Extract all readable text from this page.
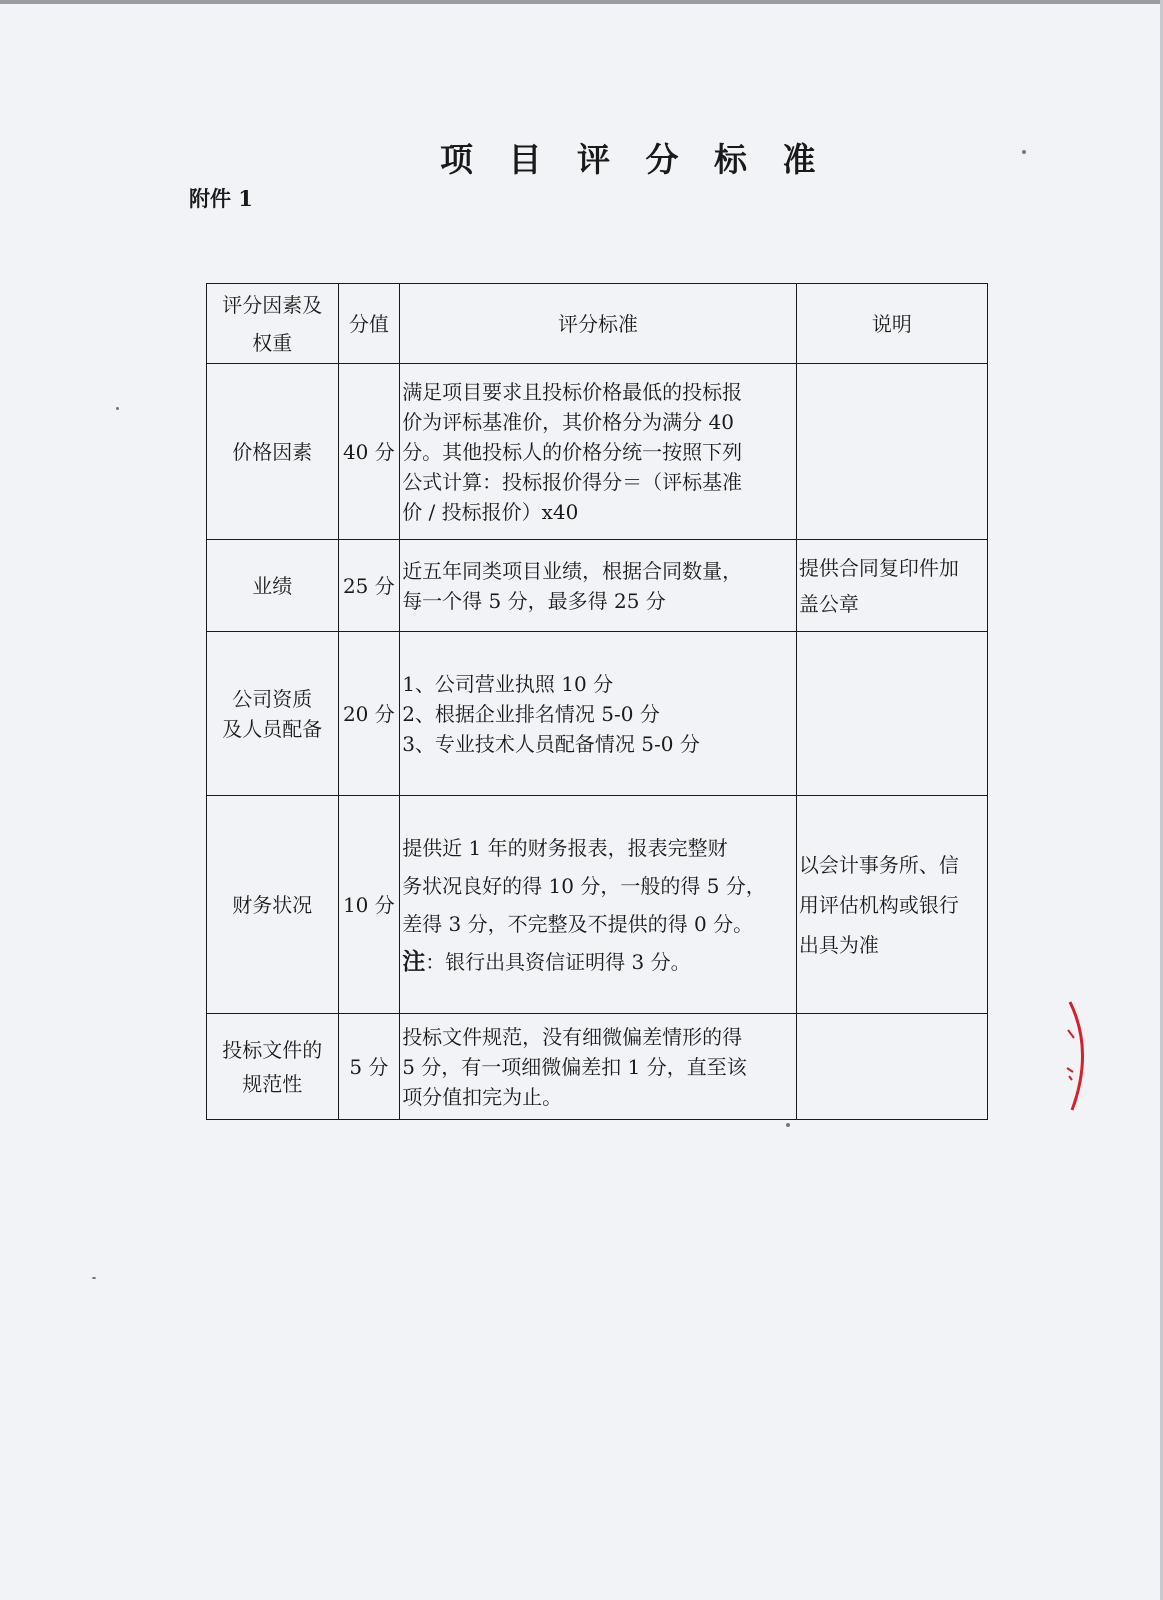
项 目 评 分 标 准
附件 1
评分因素及
权重	分值	评分标准	说明

价格因素	40 分	满足项目要求且投标价格最低的投标报
价为评标基准价，其价格分为满分 40
分。其他投标人的价格分统一按照下列
公式计算：投标报价得分＝（评标基准
价 / 投标报价）x40	

业绩	25 分	近五年同类项目业绩，根据合同数量，
每一个得 5 分，最多得 25 分	提供合同复印件加
盖公章

公司资质
及人员配备	20 分	1、公司营业执照 10 分
2、根据企业排名情况 5-0 分
3、专业技术人员配备情况 5-0 分	

财务状况	10 分	提供近 1 年的财务报表，报表完整财
务状况良好的得 10 分，一般的得 5 分，
差得 3 分，不完整及不提供的得 0 分。
注：银行出具资信证明得 3 分。	以会计事务所、信
用评估机构或银行
出具为准

投标文件的
规范性	5 分	投标文件规范，没有细微偏差情形的得
5 分，有一项细微偏差扣 1 分，直至该
项分值扣完为止。	
